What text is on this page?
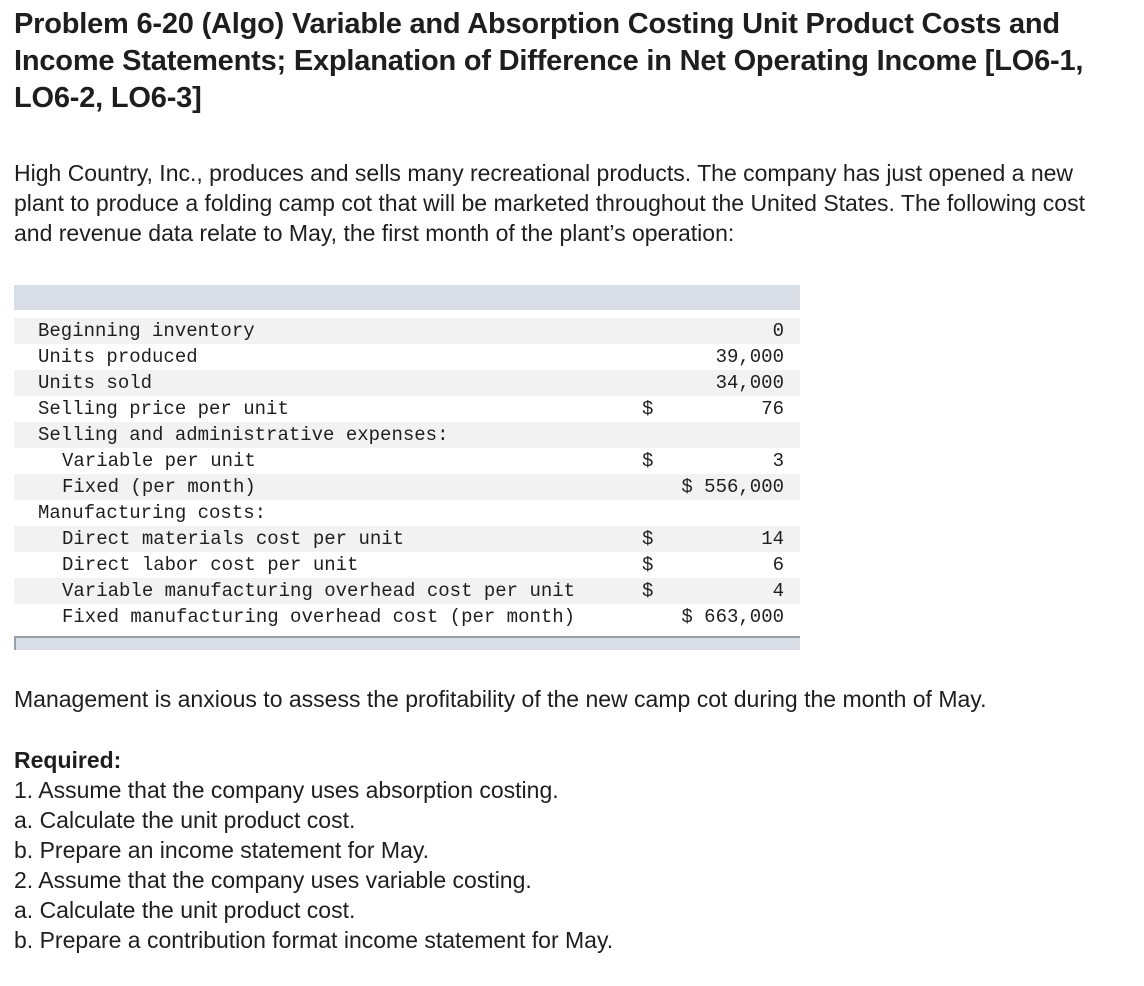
Problem 6-20 (Algo) Variable and Absorption Costing Unit Product Costs and Income Statements; Explanation of Difference in Net Operating Income [LO6-1, LO6-2, LO6-3]

High Country, Inc., produces and sells many recreational products. The company has just opened a new plant to produce a folding camp cot that will be marketed throughout the United States. The following cost and revenue data relate to May, the first month of the plant’s operation:

Beginning inventory	0
Units produced	39,000
Units sold	34,000
Selling price per unit	$	76
Selling and administrative expenses:
Variable per unit	$	3
Fixed (per month)	$ 556,000
Manufacturing costs:
Direct materials cost per unit	$	14
Direct labor cost per unit	$	6
Variable manufacturing overhead cost per unit	$	4
Fixed manufacturing overhead cost (per month)	$ 663,000

Management is anxious to assess the profitability of the new camp cot during the month of May.

Required:
1. Assume that the company uses absorption costing.
a. Calculate the unit product cost.
b. Prepare an income statement for May.
2. Assume that the company uses variable costing.
a. Calculate the unit product cost.
b. Prepare a contribution format income statement for May.
